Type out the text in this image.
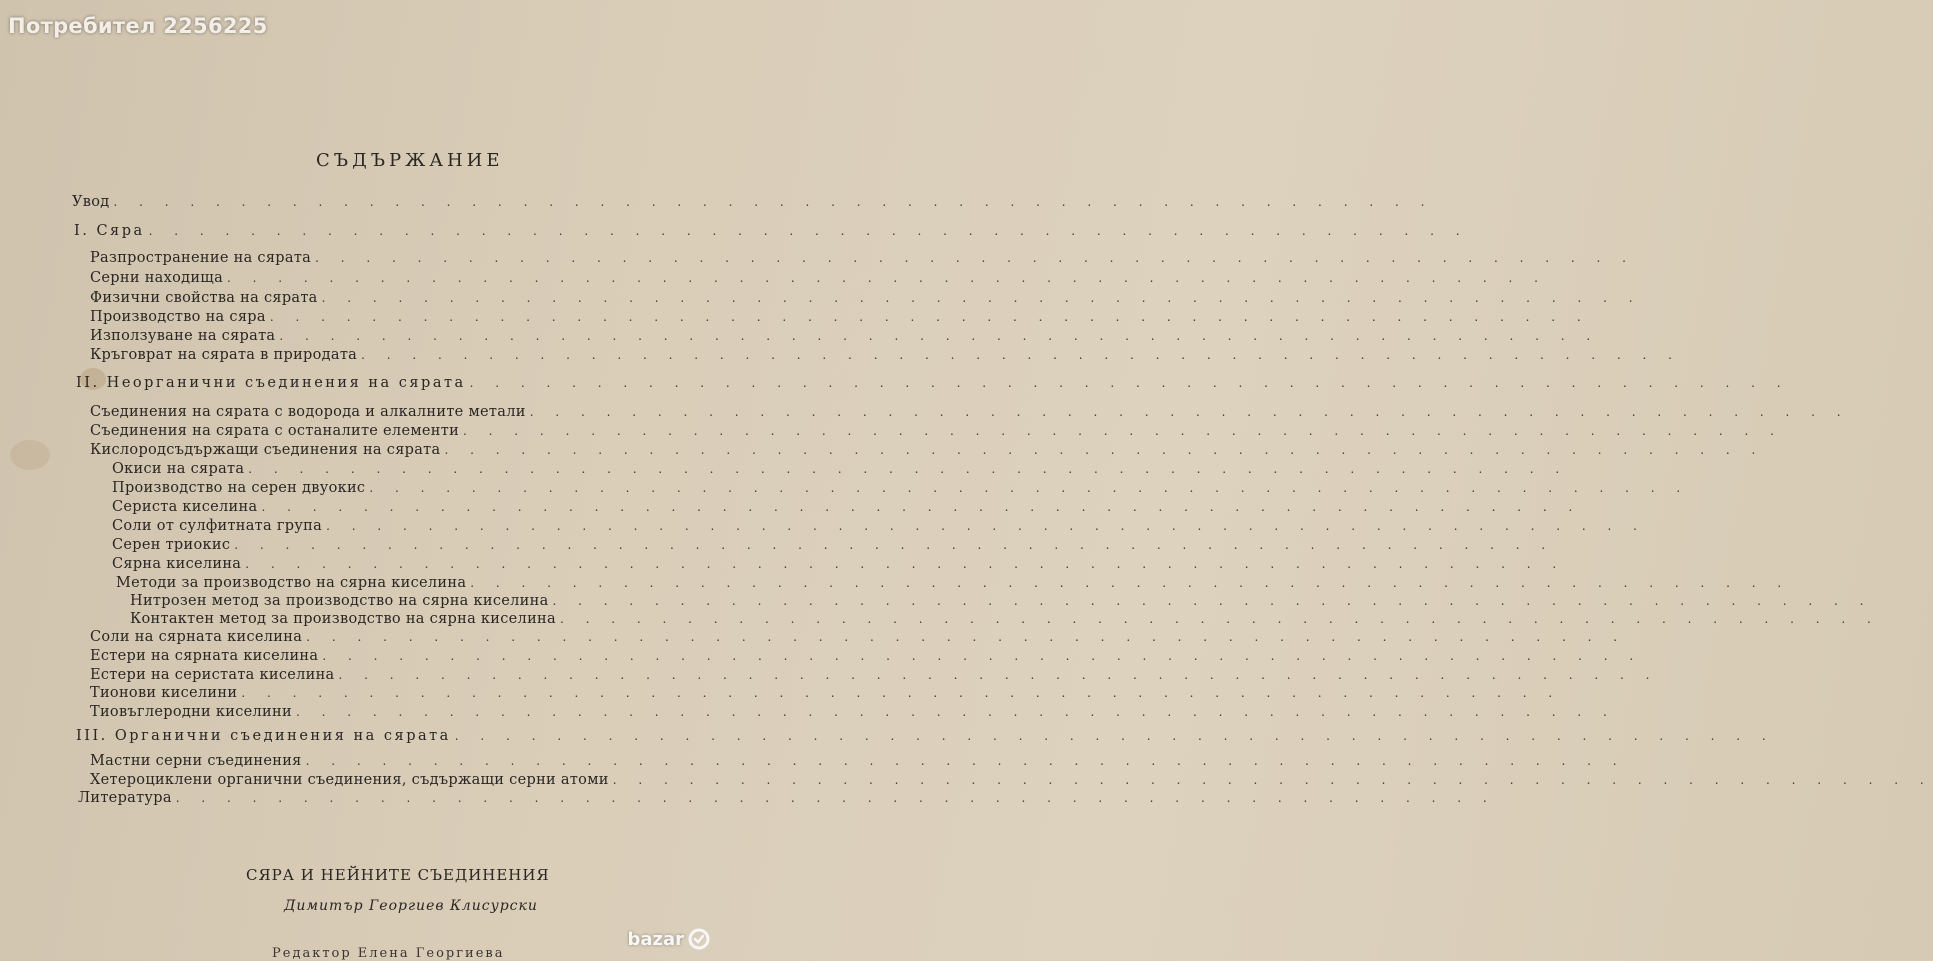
Потребител 2256225
СЪДЪРЖАНИЕ
Увод . . . . . . . . . . . . . . . . . . . . . . . . . . . . . . . . . . . . . . . . . . . . . . . . . . . .
I. Сяра . . . . . . . . . . . . . . . . . . . . . . . . . . . . . . . . . . . . . . . . . . . . . . . . . . . .
Разпространение на сярата . . . . . . . . . . . . . . . . . . . . . . . . . . . . . . . . . . . . . . . . . . . . . . . . . . . .
Серни находища . . . . . . . . . . . . . . . . . . . . . . . . . . . . . . . . . . . . . . . . . . . . . . . . . . . .
Физични свойства на сярата . . . . . . . . . . . . . . . . . . . . . . . . . . . . . . . . . . . . . . . . . . . . . . . . . . . .
Производство на сяра . . . . . . . . . . . . . . . . . . . . . . . . . . . . . . . . . . . . . . . . . . . . . . . . . . . .
Използуване на сярата . . . . . . . . . . . . . . . . . . . . . . . . . . . . . . . . . . . . . . . . . . . . . . . . . . . .
Кръговрат на сярата в природата . . . . . . . . . . . . . . . . . . . . . . . . . . . . . . . . . . . . . . . . . . . . . . . . . . . .
II. Неорганични съединения на сярата . . . . . . . . . . . . . . . . . . . . . . . . . . . . . . . . . . . . . . . . . . . . . . . . . . . .
Съединения на сярата с водорода и алкалните метали . . . . . . . . . . . . . . . . . . . . . . . . . . . . . . . . . . . . . . . . . . . . . . . . . . . .
Съединения на сярата с останалите елементи . . . . . . . . . . . . . . . . . . . . . . . . . . . . . . . . . . . . . . . . . . . . . . . . . . . .
Кислородсъдържащи съединения на сярата . . . . . . . . . . . . . . . . . . . . . . . . . . . . . . . . . . . . . . . . . . . . . . . . . . . .
Окиси на сярата . . . . . . . . . . . . . . . . . . . . . . . . . . . . . . . . . . . . . . . . . . . . . . . . . . . .
Производство на серен двуокис . . . . . . . . . . . . . . . . . . . . . . . . . . . . . . . . . . . . . . . . . . . . . . . . . . . .
Сериста киселина . . . . . . . . . . . . . . . . . . . . . . . . . . . . . . . . . . . . . . . . . . . . . . . . . . . .
Соли от сулфитната група . . . . . . . . . . . . . . . . . . . . . . . . . . . . . . . . . . . . . . . . . . . . . . . . . . . .
Серен триокис . . . . . . . . . . . . . . . . . . . . . . . . . . . . . . . . . . . . . . . . . . . . . . . . . . . .
Сярна киселина . . . . . . . . . . . . . . . . . . . . . . . . . . . . . . . . . . . . . . . . . . . . . . . . . . . .
Методи за производство на сярна киселина . . . . . . . . . . . . . . . . . . . . . . . . . . . . . . . . . . . . . . . . . . . . . . . . . . . .
Нитрозен метод за производство на сярна киселина . . . . . . . . . . . . . . . . . . . . . . . . . . . . . . . . . . . . . . . . . . . . . . . . . . . .
Контактен метод за производство на сярна киселина . . . . . . . . . . . . . . . . . . . . . . . . . . . . . . . . . . . . . . . . . . . . . . . . . . . .
Соли на сярната киселина . . . . . . . . . . . . . . . . . . . . . . . . . . . . . . . . . . . . . . . . . . . . . . . . . . . .
Естери на сярната киселина . . . . . . . . . . . . . . . . . . . . . . . . . . . . . . . . . . . . . . . . . . . . . . . . . . . .
Естери на серистата киселина . . . . . . . . . . . . . . . . . . . . . . . . . . . . . . . . . . . . . . . . . . . . . . . . . . . .
Тионови киселини . . . . . . . . . . . . . . . . . . . . . . . . . . . . . . . . . . . . . . . . . . . . . . . . . . . .
Тиовъглеродни киселини . . . . . . . . . . . . . . . . . . . . . . . . . . . . . . . . . . . . . . . . . . . . . . . . . . . .
III. Органични съединения на сярата . . . . . . . . . . . . . . . . . . . . . . . . . . . . . . . . . . . . . . . . . . . . . . . . . . . .
Мастни серни съединения . . . . . . . . . . . . . . . . . . . . . . . . . . . . . . . . . . . . . . . . . . . . . . . . . . . .
Хетероциклени органични съединения, съдържащи серни атоми . . . . . . . . . . . . . . . . . . . . . . . . . . . . . . . . . . . . . . . . . . . . . . . . . . . .
Литература . . . . . . . . . . . . . . . . . . . . . . . . . . . . . . . . . . . . . . . . . . . . . . . . . . . .
СЯРА И НЕЙНИТЕ СЪЕДИНЕНИЯ
Димитър Георгиев Клисурски
Редактор Елена Георгиева
bazar
